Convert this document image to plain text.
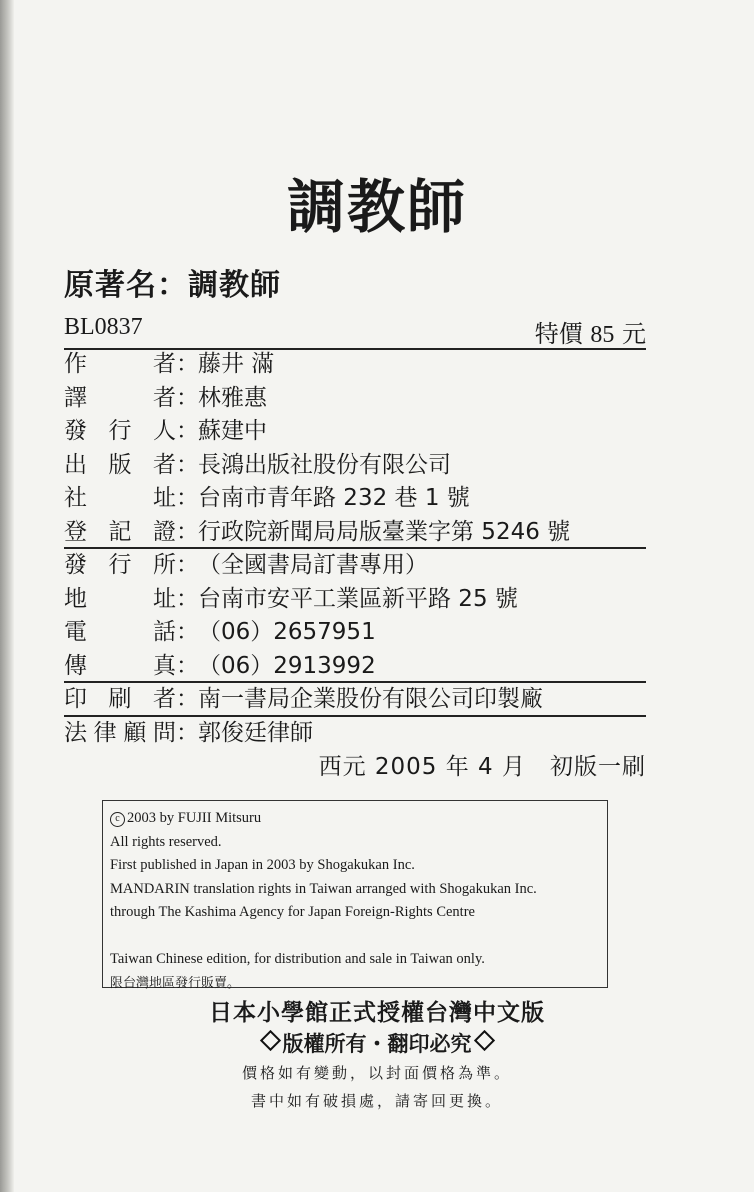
調教師
原著名：調教師
BL0837	特價 85 元
作	者 ： 藤井 滿
譯	者 ： 林雅惠
發 行 人 ： 蘇建中
出 版 者 ： 長鴻出版社股份有限公司
社	址 ： 台南市青年路 232 巷 1 號
登 記 證 ： 行政院新聞局局版臺業字第 5246 號
發 行 所 ： （全國書局訂書專用）
地	址 ： 台南市安平工業區新平路 25 號
電	話 ： （06）2657951
傳	真 ： （06）2913992
印 刷 者 ： 南一書局企業股份有限公司印製廠
法 律 顧 問 ： 郭俊廷律師
西元 2005 年 4 月　初版一刷
c 2003 by FUJII Mitsuru
All rights reserved.
First published in Japan in 2003 by Shogakukan Inc.
MANDARIN translation rights in Taiwan arranged with Shogakukan Inc.
through The Kashima Agency for Japan Foreign-Rights Centre
Taiwan Chinese edition, for distribution and sale in Taiwan only.
限台灣地區發行販賣。
日本小學館正式授權台灣中文版
版權所有・翻印必究
價格如有變動，以封面價格為準。
書中如有破損處，請寄回更換。
